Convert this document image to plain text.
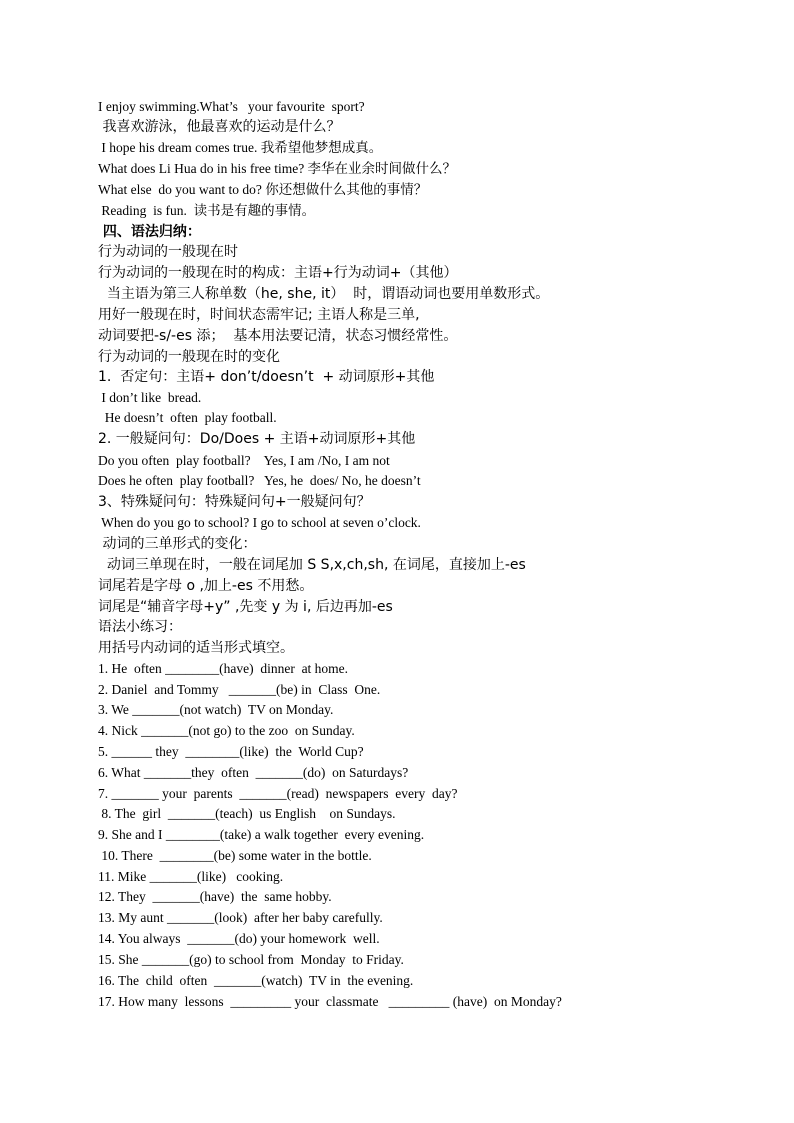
I enjoy swimming.What’s   your favourite  sport?
我喜欢游泳，他最喜欢的运动是什么？
I hope his dream comes true. 我希望他梦想成真。
What does Li Hua do in his free time? 李华在业余时间做什么？
What else  do you want to do? 你还想做什么其他的事情？
Reading  is fun.  读书是有趣的事情。
四、语法归纳：
行为动词的一般现在时
行为动词的一般现在时的构成：主语+行为动词+（其他）
当主语为第三人称单数（he, she, it）  时，谓语动词也要用单数形式。
用好一般现在时，时间状态需牢记; 主语人称是三单,
动词要把-s/-es 添；  基本用法要记清，状态习惯经常性。
行为动词的一般现在时的变化
1.  否定句：主语+ don’t/doesn’t  + 动词原形+其他
I don’t like  bread.
He doesn’t  often  play football.
2. 一般疑问句：Do/Does + 主语+动词原形+其他
Do you often  play football?    Yes, I am /No, I am not
Does he often  play football?   Yes, he  does/ No, he doesn’t
3、特殊疑问句：特殊疑问句+一般疑问句？
When do you go to school? I go to school at seven o’clock.
动词的三单形式的变化：
动词三单现在时，一般在词尾加 S S,x,ch,sh, 在词尾，直接加上-es
词尾若是字母 o ,加上-es 不用愁。
词尾是“辅音字母+y” ,先变 y 为 i, 后边再加-es
语法小练习：
用括号内动词的适当形式填空。
1. He  often ________(have)  dinner  at home.
2. Daniel  and Tommy   _______(be) in  Class  One.
3. We _______(not watch)  TV on Monday.
4. Nick _______(not go) to the zoo  on Sunday.
5. ______ they  ________(like)  the  World Cup?
6. What _______they  often  _______(do)  on Saturdays?
7. _______ your  parents  _______(read)  newspapers  every  day?
8. The  girl  _______(teach)  us English    on Sundays.
9. She and I ________(take) a walk together  every evening.
10. There  ________(be) some water in the bottle.
11. Mike _______(like)   cooking.
12. They  _______(have)  the  same hobby.
13. My aunt _______(look)  after her baby carefully.
14. You always  _______(do) your homework  well.
15. She _______(go) to school from  Monday  to Friday.
16. The  child  often  _______(watch)  TV in  the evening.
17. How many  lessons  _________ your  classmate   _________ (have)  on Monday?
